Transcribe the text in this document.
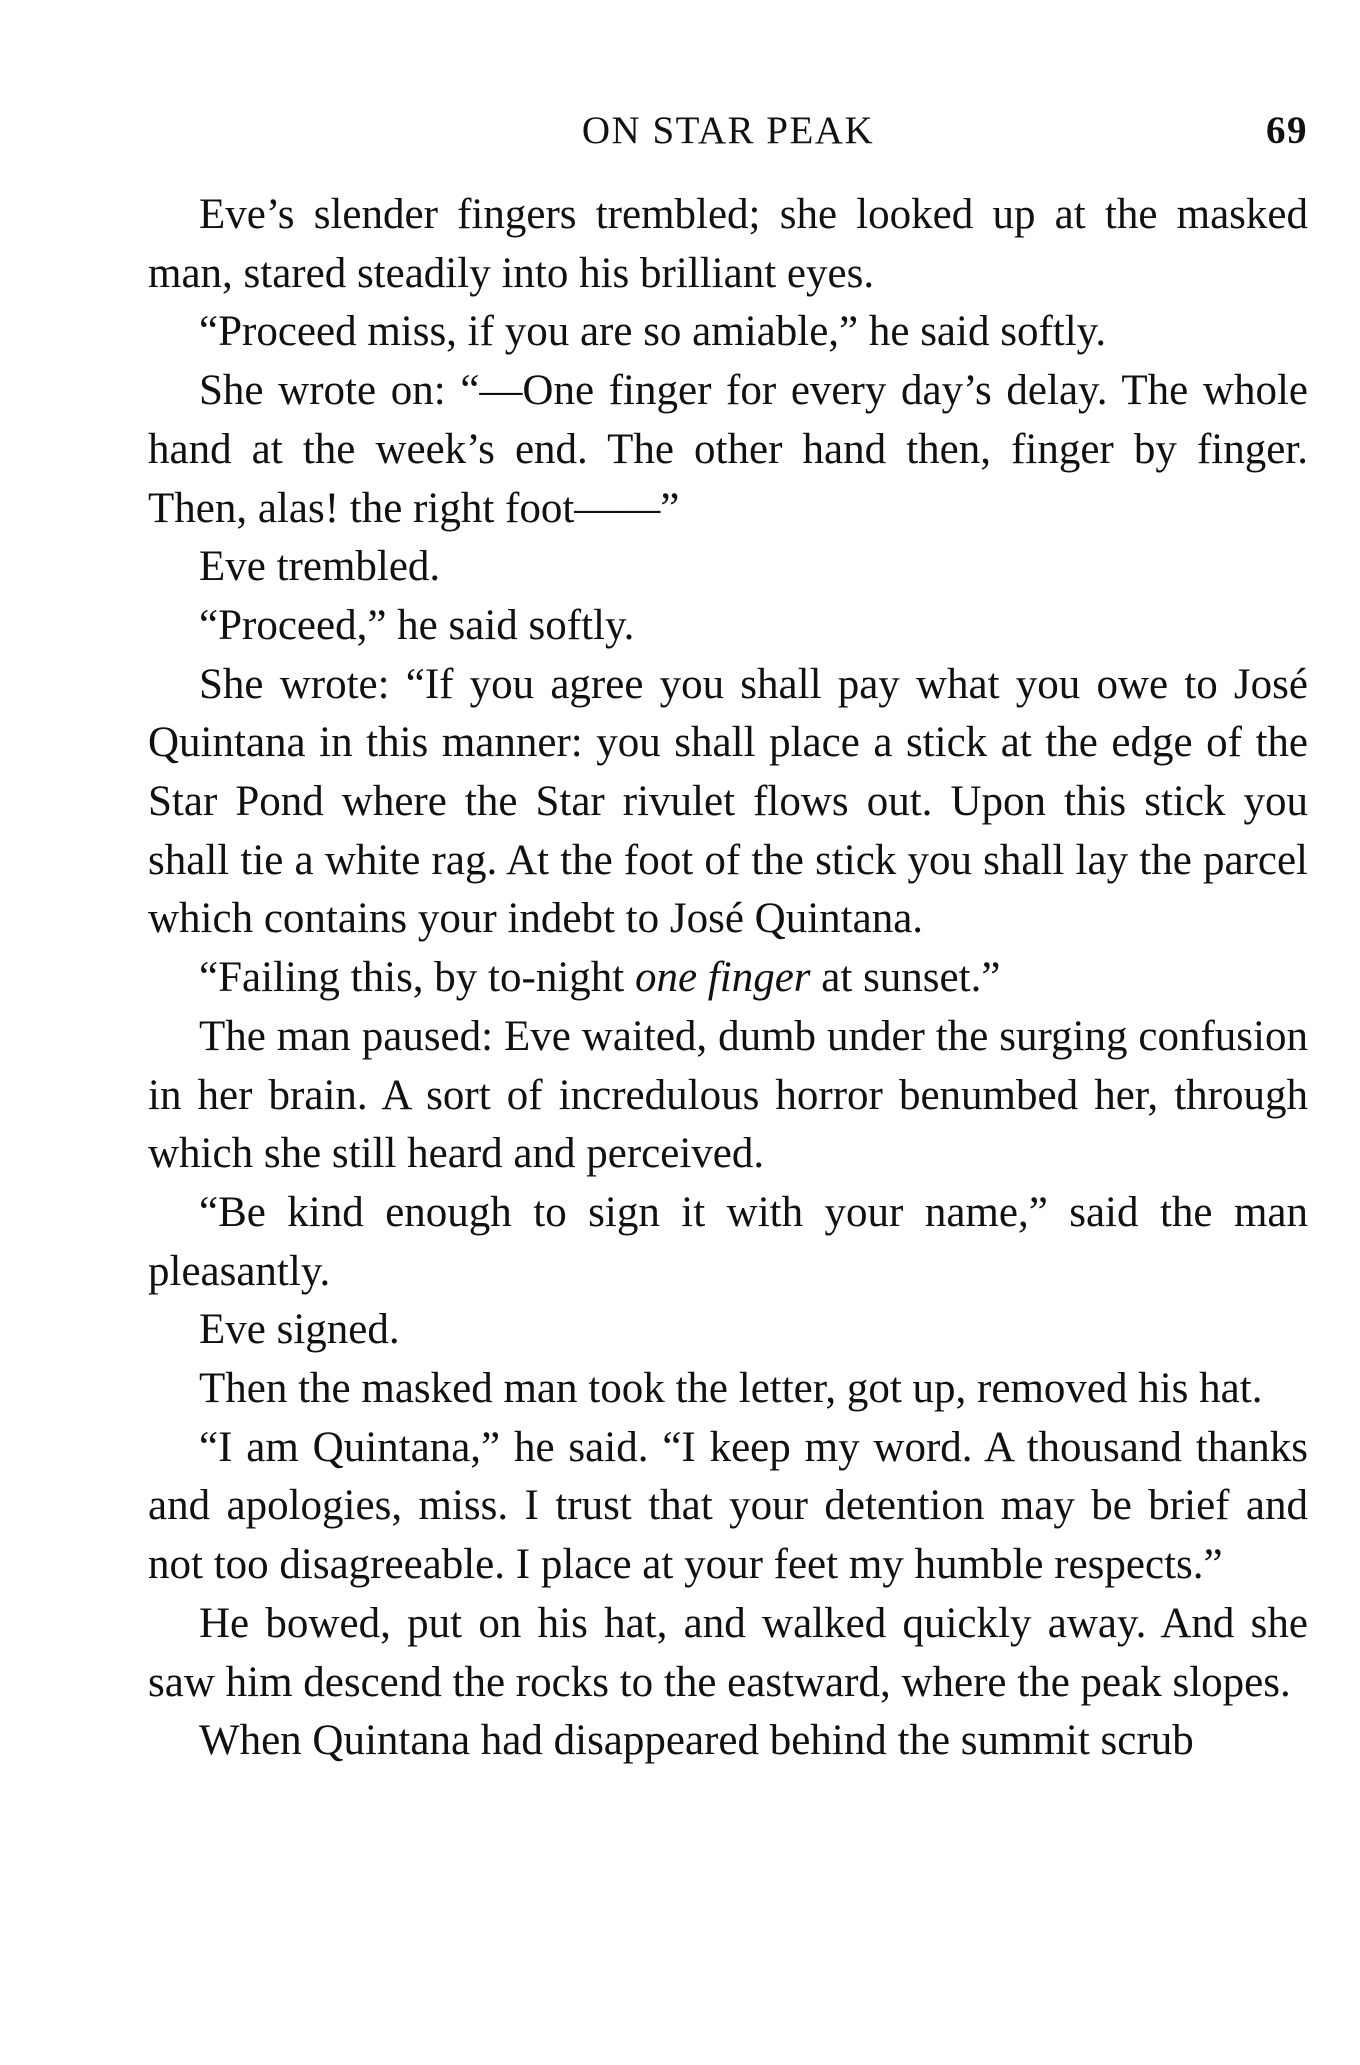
ON STAR PEAK	69

Eve’s slender fingers trembled; she looked up at the masked man, stared steadily into his brilliant eyes.

“Proceed miss, if you are so amiable,” he said softly.

She wrote on: “—One finger for every day’s delay. The whole hand at the week’s end. The other hand then, finger by finger. Then, alas! the right foot——”

Eve trembled.

“Proceed,” he said softly.

She wrote: “If you agree you shall pay what you owe to José Quintana in this manner: you shall place a stick at the edge of the Star Pond where the Star rivulet flows out. Upon this stick you shall tie a white rag. At the foot of the stick you shall lay the parcel which contains your indebt to José Quintana.

“Failing this, by to-night one finger at sunset.”

The man paused: Eve waited, dumb under the surging confusion in her brain. A sort of incredulous horror benumbed her, through which she still heard and perceived.

“Be kind enough to sign it with your name,” said the man pleasantly.

Eve signed.

Then the masked man took the letter, got up, removed his hat.

“I am Quintana,” he said. “I keep my word. A thousand thanks and apologies, miss. I trust that your detention may be brief and not too disagreeable. I place at your feet my humble respects.”

He bowed, put on his hat, and walked quickly away. And she saw him descend the rocks to the eastward, where the peak slopes.

When Quintana had disappeared behind the summit scrub
